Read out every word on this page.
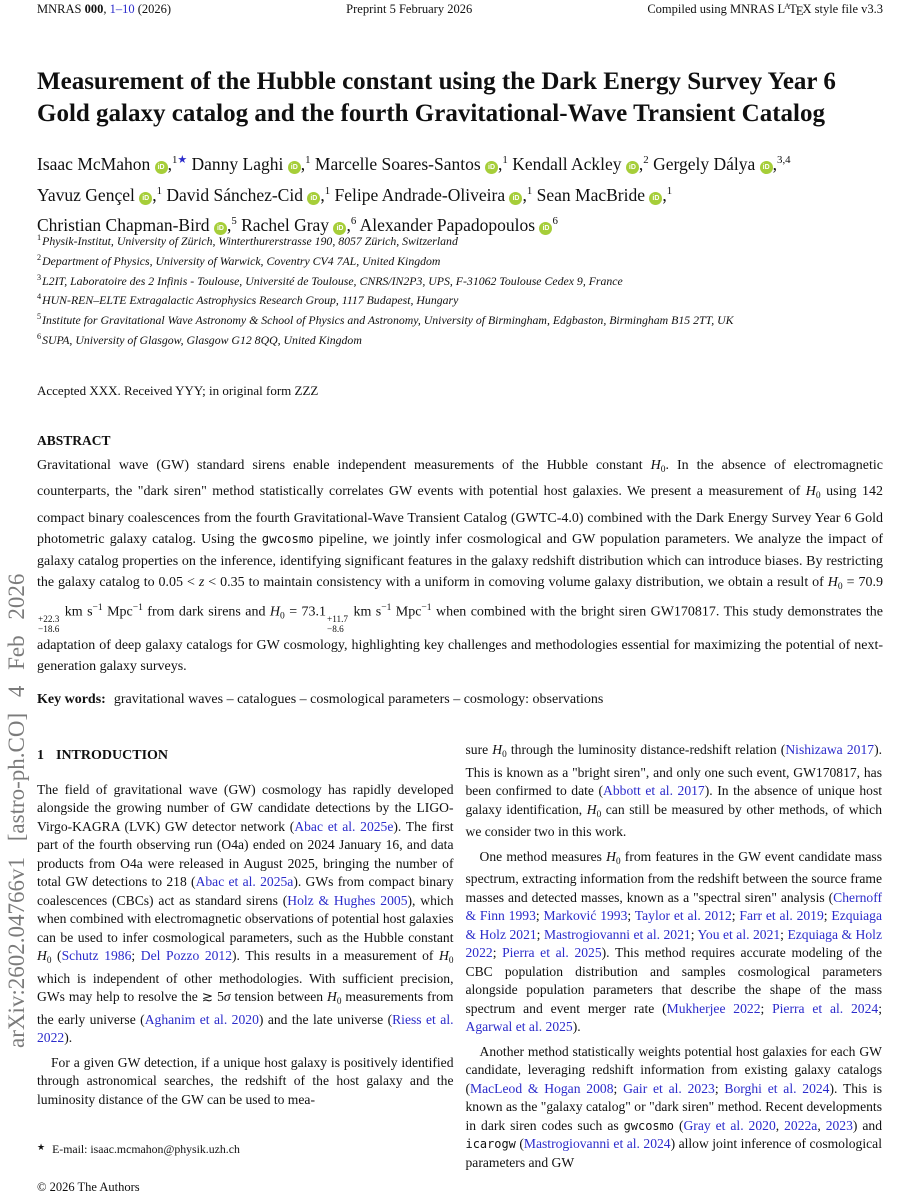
MNRAS 000, 1–10 (2026)	Preprint 5 February 2026	Compiled using MNRAS $L^ATEX$ style file v3.3
arXiv:2602.04766v1 [astro-ph.CO] 4 Feb 2026
Measurement of the Hubble constant using the Dark Energy Survey Year 6 Gold galaxy catalog and the fourth Gravitational-Wave Transient Catalog
Isaac McMahon iD ,$^{1★}$ Danny Laghi iD ,$^1$ Marcelle Soares-Santos iD ,$^1$ Kendall Ackley iD ,$^2$ Gergely Dálya iD ,$^{3,4}$
Yavuz Gençel iD ,$^1$ David Sánchez-Cid iD ,$^1$ Felipe Andrade-Oliveira iD ,$^1$ Sean MacBride iD ,$^1$
Christian Chapman-Bird iD ,$^5$ Rachel Gray iD ,$^6$ Alexander Papadopoulos $iD^6$
$^1$Physik-Institut, University of Zürich, Winterthurerstrasse 190, 8057 Zürich, Switzerland
$^2$Department of Physics, University of Warwick, Coventry CV4 7AL, United Kingdom
$^3$L2IT, Laboratoire des 2 Infinis - Toulouse, Université de Toulouse, CNRS/IN2P3, UPS, F-31062 Toulouse Cedex 9, France
$^4$HUN-REN–ELTE Extragalactic Astrophysics Research Group, 1117 Budapest, Hungary
$^5$Institute for Gravitational Wave Astronomy & School of Physics and Astronomy, University of Birmingham, Edgbaston, Birmingham B15 2TT, UK
$^6$SUPA, University of Glasgow, Glasgow G12 8QQ, United Kingdom
Accepted XXX. Received YYY; in original form ZZZ
ABSTRACT
Gravitational wave (GW) standard sirens enable independent measurements of the Hubble constant $H_0$. In the absence of electromagnetic counterparts, the "dark siren" method statistically correlates GW events with potential host galaxies. We present a measurement of $H_0$ using 142 compact binary coalescences from the fourth Gravitational-Wave Transient Catalog (GWTC-4.0) combined with the Dark Energy Survey Year 6 Gold photometric galaxy catalog. Using the gwcosmo pipeline, we jointly infer cosmological and GW population parameters. We analyze the impact of galaxy catalog properties on the inference, identifying significant features in the galaxy redshift distribution which can introduce biases. By restricting the galaxy catalog to 0.05 < z < 0.35 to maintain consistency with a uniform in comoving volume galaxy distribution, we obtain a result of $H_0 = 70.9$
+22.3
−18.6
km $s^{-1}$ Mpc$^{-1}$ from dark sirens and $H_0 = 73.1 +11.7$
−8.6
km $s^{-1}$ Mpc$^{-1}$ when combined with the bright siren GW170817. This study demonstrates the adaptation of deep galaxy catalogs for GW cosmology, highlighting key challenges and methodologies essential for maximizing the potential of next-generation galaxy surveys.
Key words: gravitational waves – catalogues – cosmological parameters – cosmology: observations
1 INTRODUCTION

The field of gravitational wave (GW) cosmology has rapidly developed alongside the growing number of GW candidate detections by the LIGO-Virgo-KAGRA (LVK) GW detector network (Abac et al. 2025e). The first part of the fourth observing run (O4a) ended on 2024 January 16, and data products from O4a were released in August 2025, bringing the number of total GW detections to 218 (Abac et al. 2025a). GWs from compact binary coalescences (CBCs) act as standard sirens (Holz & Hughes 2005), which when combined with electromagnetic observations of potential host galaxies can be used to infer cosmological parameters, such as the Hubble constant $H_0$ (Schutz 1986; Del Pozzo 2012). This results in a measurement of $H_0$ which is independent of other methodologies. With sufficient precision, GWs may help to resolve the ≳ 5σ tension between $H_0$ measurements from the early universe (Aghanim et al. 2020) and the late universe (Riess et al. 2022).

For a given GW detection, if a unique host galaxy is positively identified through astronomical searches, the redshift of the host galaxy and the luminosity distance of the GW can be used to mea-

sure $H_0$ through the luminosity distance-redshift relation (Nishizawa 2017). This is known as a "bright siren", and only one such event, GW170817, has been confirmed to date (Abbott et al. 2017). In the absence of unique host galaxy identification, $H_0$ can still be measured by other methods, of which we consider two in this work.

One method measures $H_0$ from features in the GW event candidate mass spectrum, extracting information from the redshift between the source frame masses and detected masses, known as a "spectral siren" analysis (Chernoff & Finn 1993; Marković 1993; Taylor et al. 2012; Farr et al. 2019; Ezquiaga & Holz 2021; Mastrogiovanni et al. 2021; You et al. 2021; Ezquiaga & Holz 2022; Pierra et al. 2025). This method requires accurate modeling of the CBC population distribution and samples cosmological parameters alongside population parameters that describe the shape of the mass spectrum and event merger rate (Mukherjee 2022; Pierra et al. 2024; Agarwal et al. 2025).

Another method statistically weights potential host galaxies for each GW candidate, leveraging redshift information from existing galaxy catalogs (MacLeod & Hogan 2008; Gair et al. 2023; Borghi et al. 2024). This is known as the "galaxy catalog" or "dark siren" method. Recent developments in dark siren codes such as gwcosmo (Gray et al. 2020, 2022a, 2023) and icarogw (Mastrogiovanni et al. 2024) allow joint inference of cosmological parameters and GW

★ E-mail: isaac.mcmahon@physik.uzh.ch
© 2026 The Authors
